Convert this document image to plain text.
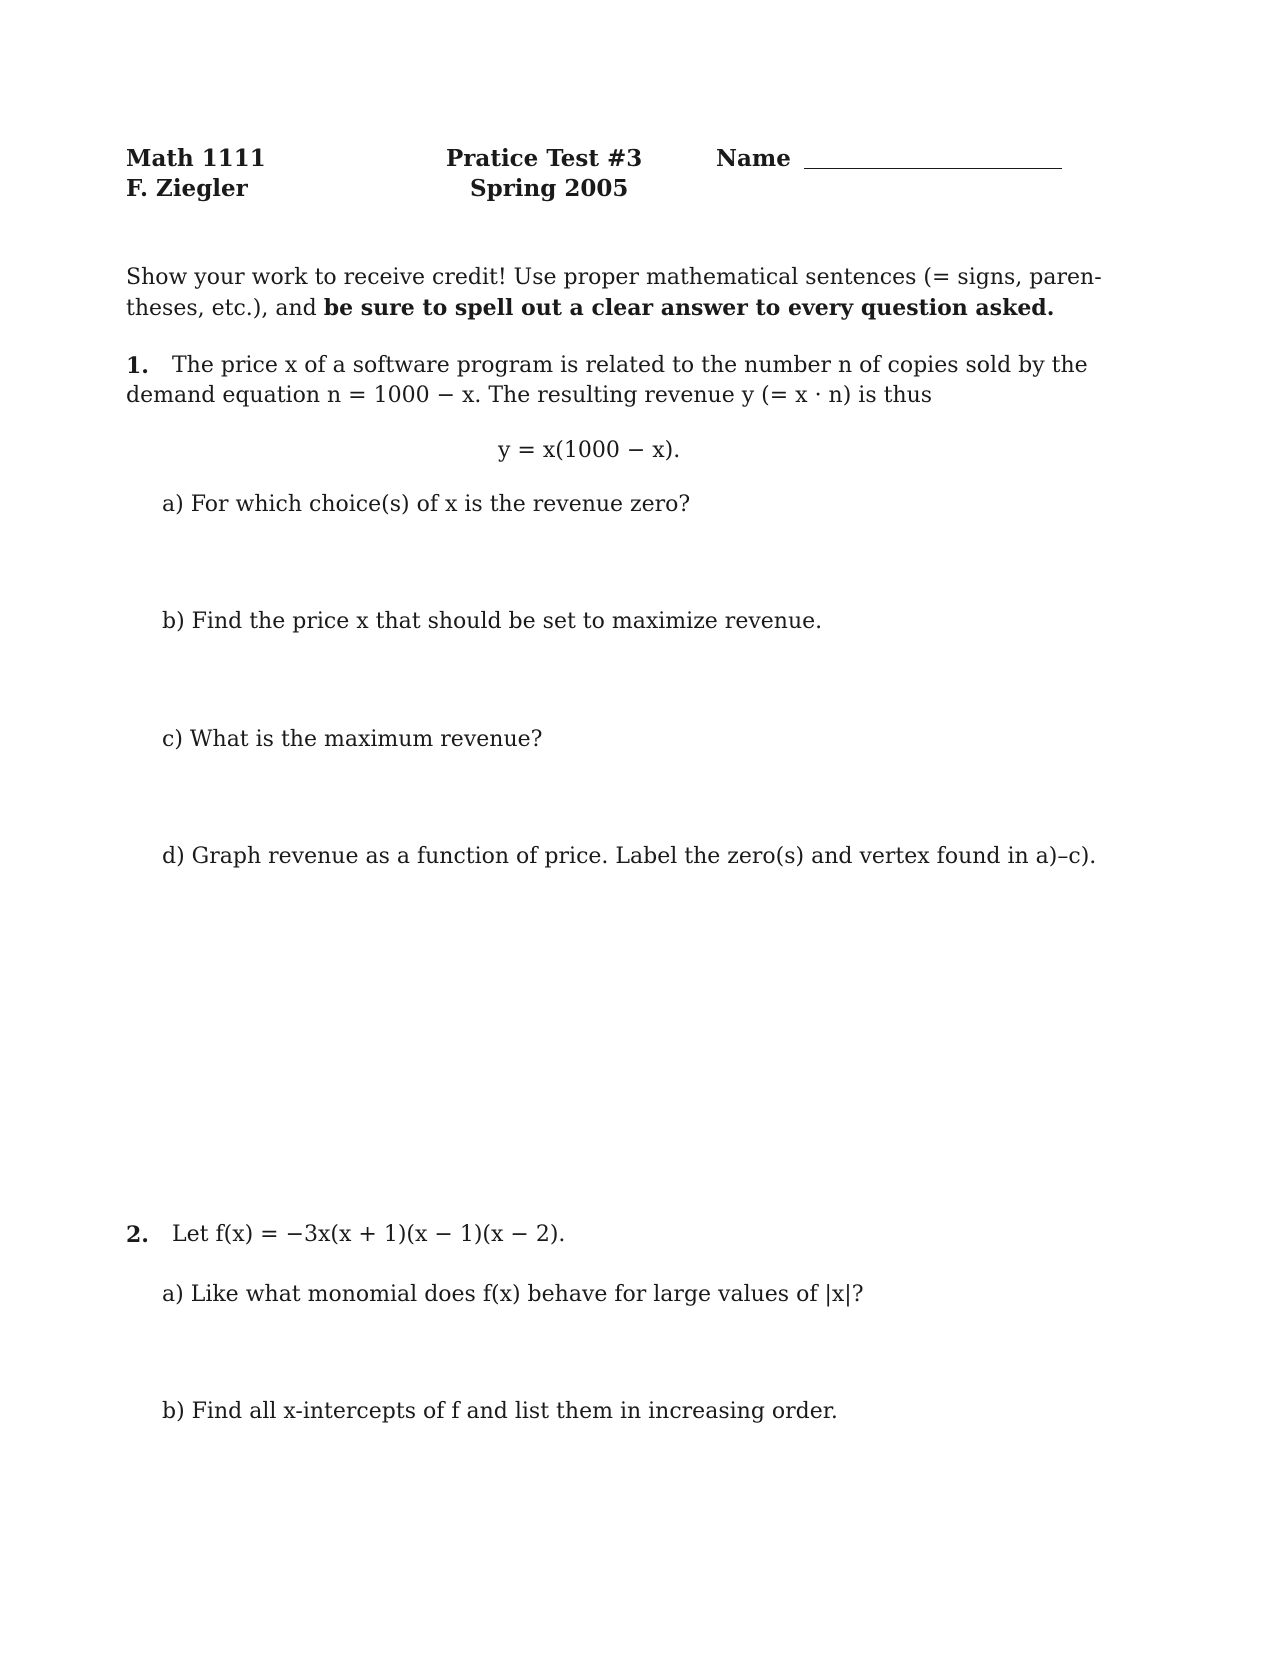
Math 1111
F. Ziegler
Pratice Test #3
Spring 2005
Name
Show your work to receive credit! Use proper mathematical sentences (= signs, paren-
theses, etc.), and be sure to spell out a clear answer to every question asked.
1. The price x of a software program is related to the number n of copies sold by the
demand equation n = 1000 − x. The resulting revenue y (= x · n) is thus
y = x(1000 − x).
a) For which choice(s) of x is the revenue zero?
b) Find the price x that should be set to maximize revenue.
c) What is the maximum revenue?
d) Graph revenue as a function of price. Label the zero(s) and vertex found in a)–c).
2. Let f(x) = −3x(x + 1)(x − 1)(x − 2).
a) Like what monomial does f(x) behave for large values of |x|?
b) Find all x-intercepts of f and list them in increasing order.
